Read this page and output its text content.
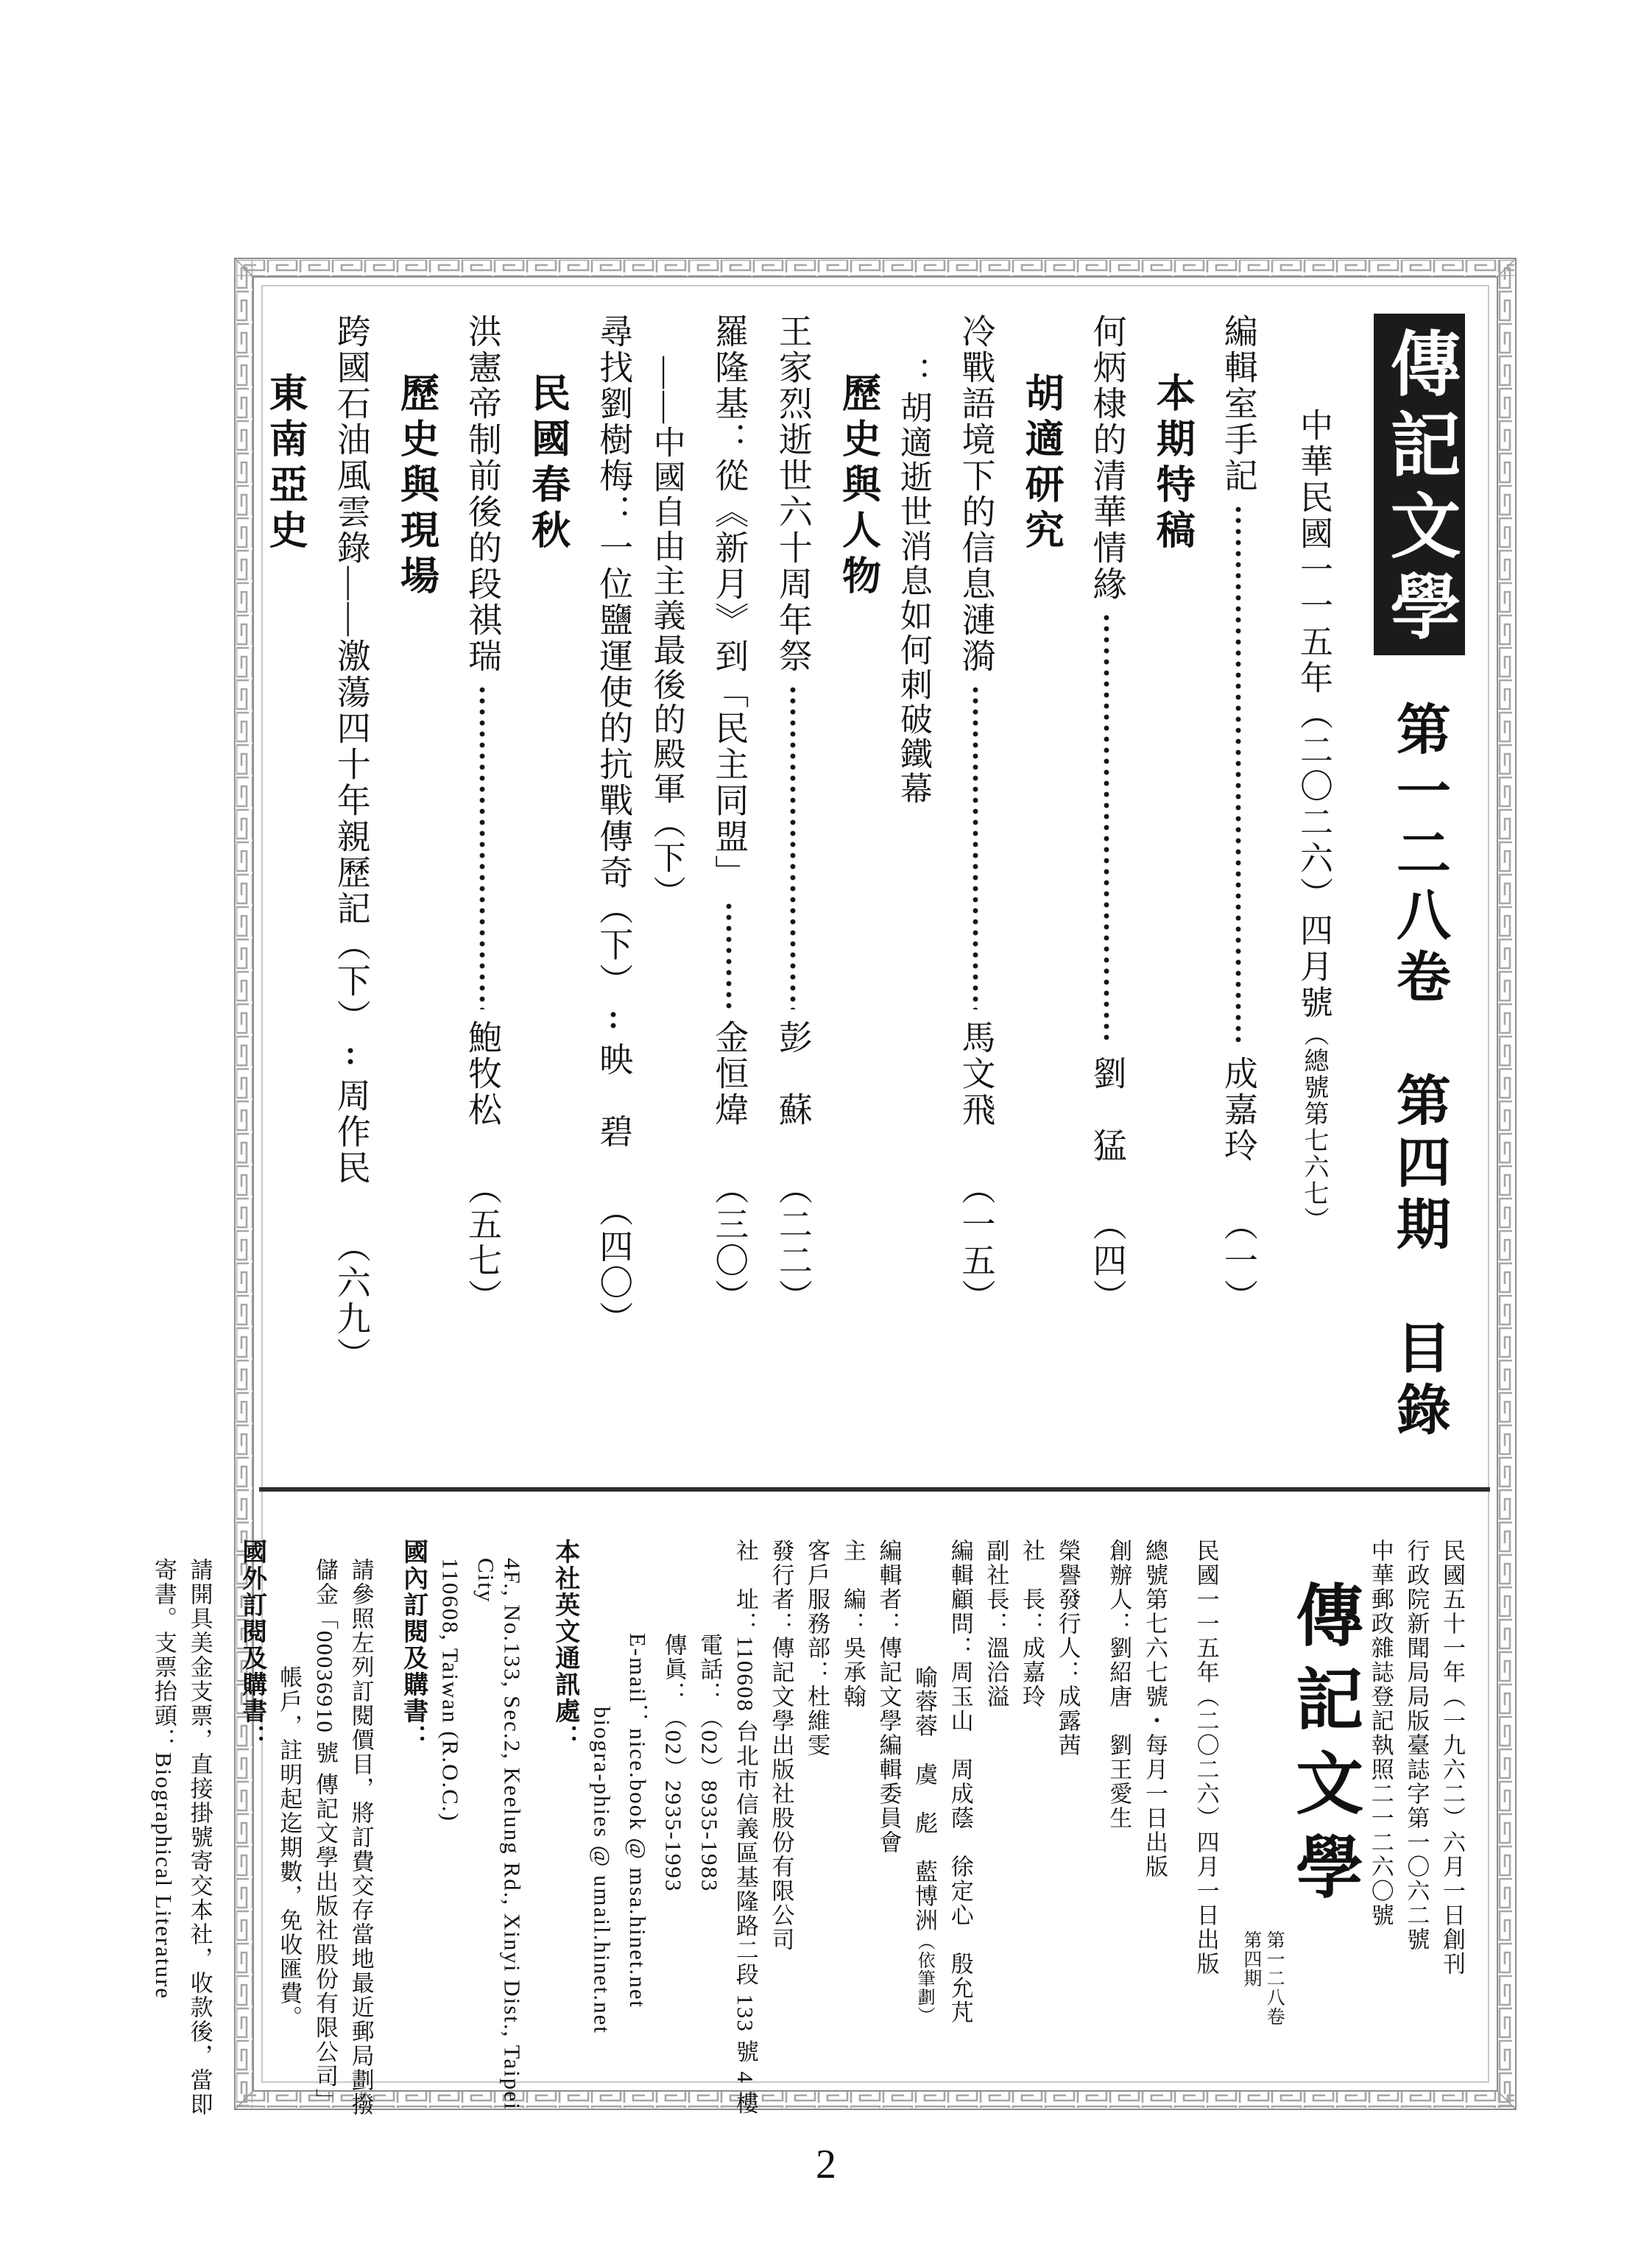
傳記文學
第一二八卷　第四期　目錄
中華民國一一五年（二〇二六）四月號（總號第七六七）
編輯室手記
成嘉玲
（一）
本期特稿
何炳棣的清華情緣
劉　猛
（四）
胡適研究
冷戰語境下的信息漣漪
馬文飛
（一五）
：胡適逝世消息如何刺破鐵幕
歷史與人物
王家烈逝世六十周年祭
彭　蘇
（二二）
羅隆基：從《新月》到「民主同盟」
金恒煒
（三〇）
——中國自由主義最後的殿軍（下）
尋找劉樹梅：一位鹽運使的抗戰傳奇（下）
映　碧
（四〇）
民國春秋
洪憲帝制前後的段祺瑞
鮑牧松
（五七）
歷史與現場
跨國石油風雲錄——激蕩四十年親歷記（下）
周作民
（六九）
東南亞史
民國五十一年（一九六二）六月一日創刊
行政院新聞局局版臺誌字第一〇六二號
中華郵政雜誌登記執照二一二六〇號
傳記文學
第一二八卷
第四期
民國一一五年（二〇二六）四月一日出版
總號第七六七號・每月一日出版
創辦人：劉紹唐　劉王愛生
榮譽發行人：成露茜
社　長：成嘉玲
副社長：溫洽溢
編輯顧問：周玉山　周成蔭　徐定心　殷允芃
喻蓉蓉　虞　彪　藍博洲（依筆劃）
編輯者：傳記文學編輯委員會
主　編：吳承翰
客戶服務部：杜維雯
發行者：傳記文學出版社股份有限公司
社　址：110608 台北市信義區基隆路二段 133 號 4 樓
電話：（02）8935-1983
傳眞：（02）2935-1993
E-mail：nice.book @ msa.hinet.net
biogra-phies @ umail.hinet.net
本社英文通訊處：
4F., No.133, Sec.2, Keelung Rd., Xinyi Dist., Taipei City
110608, Taiwan (R.O.C.)
國內訂閱及購書：
請參照左列訂閱價目，將訂費交存當地最近郵局劃撥
儲金「00036910 號 傳記文學出版社股份有限公司」
帳戶，註明起迄期數，免收匯費。
國外訂閱及購書：
請開具美金支票，直接掛號寄交本社，收款後，當即
寄書。支票抬頭：Biographical Literature
2
